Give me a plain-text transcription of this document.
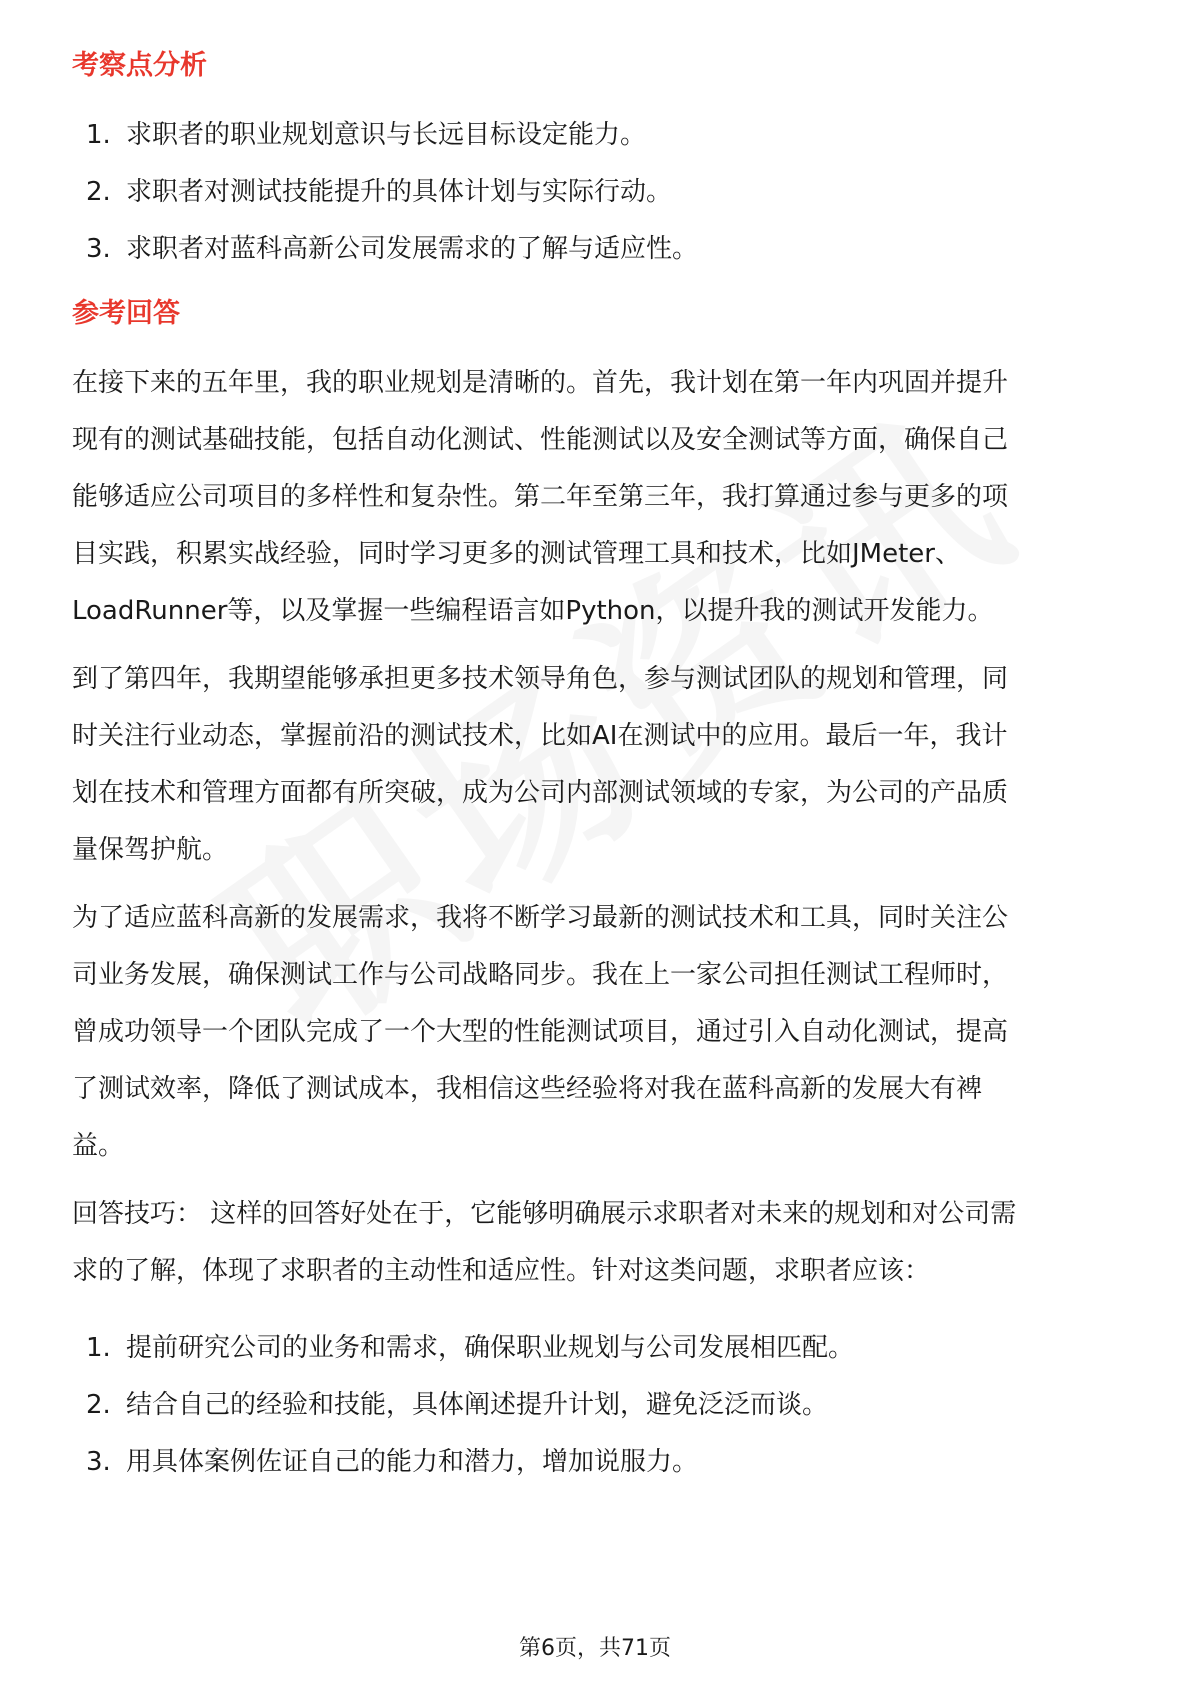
考察点分析
1. 求职者的职业规划意识与长远目标设定能力。
2. 求职者对测试技能提升的具体计划与实际行动。
3. 求职者对蓝科高新公司发展需求的了解与适应性。
参考回答

在接下来的五年里，我的职业规划是清晰的。首先，我计划在第一年内巩固并提升
现有的测试基础技能，包括自动化测试、性能测试以及安全测试等方面，确保自己
能够适应公司项目的多样性和复杂性。第二年至第三年，我打算通过参与更多的项
目实践，积累实战经验，同时学习更多的测试管理工具和技术，比如JMeter、
LoadRunner等，以及掌握一些编程语言如Python，以提升我的测试开发能力。

到了第四年，我期望能够承担更多技术领导角色，参与测试团队的规划和管理，同
时关注行业动态，掌握前沿的测试技术，比如AI在测试中的应用。最后一年，我计
划在技术和管理方面都有所突破，成为公司内部测试领域的专家，为公司的产品质
量保驾护航。

为了适应蓝科高新的发展需求，我将不断学习最新的测试技术和工具，同时关注公
司业务发展，确保测试工作与公司战略同步。我在上一家公司担任测试工程师时，
曾成功领导一个团队完成了一个大型的性能测试项目，通过引入自动化测试，提高
了测试效率，降低了测试成本，我相信这些经验将对我在蓝科高新的发展大有裨
益。

回答技巧： 这样的回答好处在于，它能够明确展示求职者对未来的规划和对公司需
求的了解，体现了求职者的主动性和适应性。针对这类问题，求职者应该：

1. 提前研究公司的业务和需求，确保职业规划与公司发展相匹配。
2. 结合自己的经验和技能，具体阐述提升计划，避免泛泛而谈。
3. 用具体案例佐证自己的能力和潜力，增加说服力。
第6页，共71页
